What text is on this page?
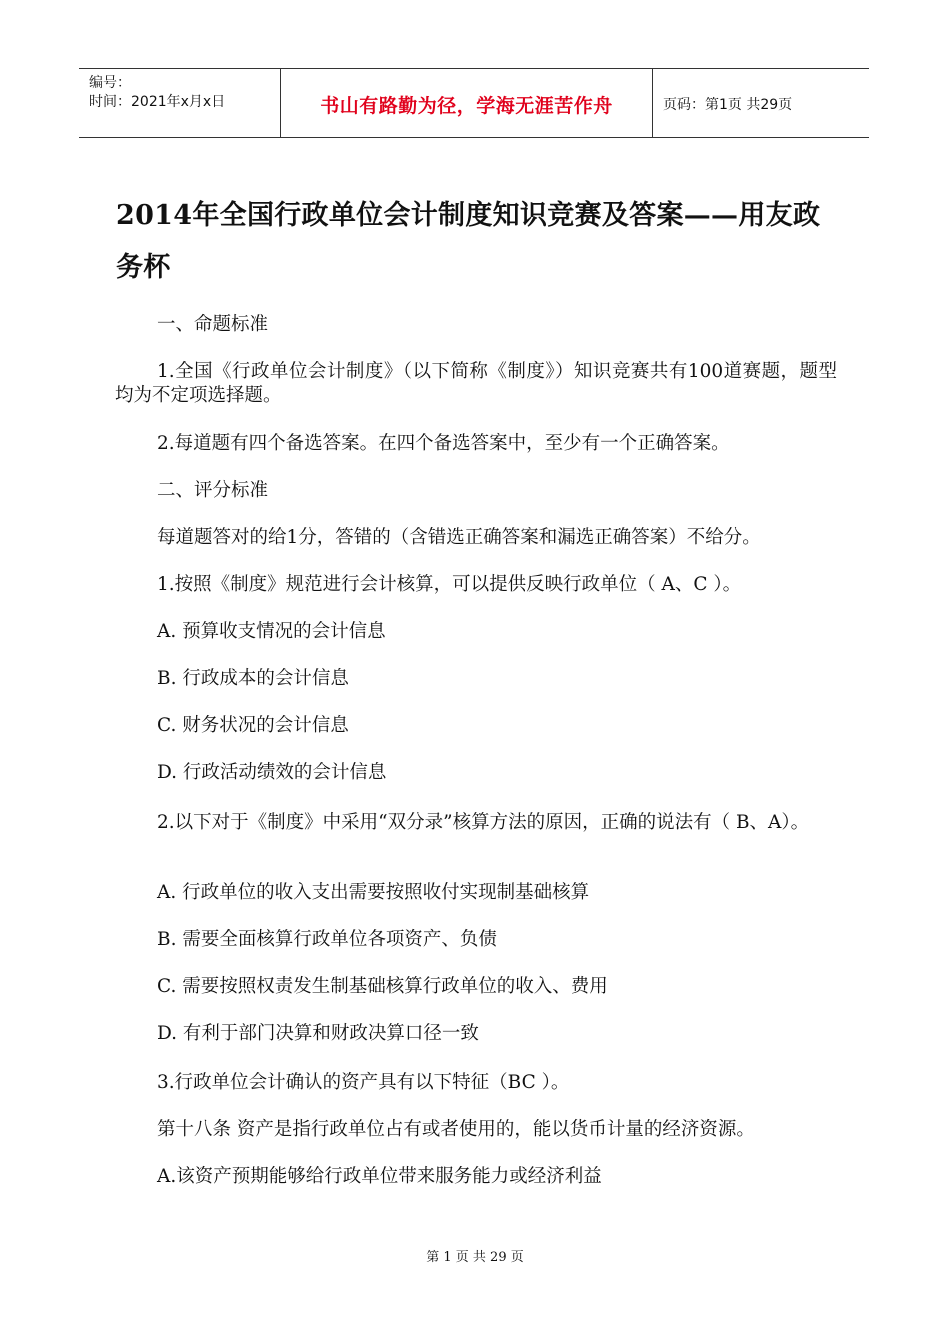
编号：
时间：2021年x月x日	书山有路勤为径，学海无涯苦作舟	页码：第1页 共29页
2014年全国行政单位会计制度知识竞赛及答案——用友政务杯
一、命题标准
1.全国《行政单位会计制度》（以下简称《制度》）知识竞赛共有100道赛题，题型均为不定项选择题。
2.每道题有四个备选答案。在四个备选答案中，至少有一个正确答案。
二、评分标准
每道题答对的给1分，答错的（含错选正确答案和漏选正确答案）不给分。
1.按照《制度》规范进行会计核算，可以提供反映行政单位（ A、C ）。
A. 预算收支情况的会计信息
B. 行政成本的会计信息
C. 财务状况的会计信息
D. 行政活动绩效的会计信息
2.以下对于《制度》中采用“双分录”核算方法的原因，正确的说法有（ B、A）。
A. 行政单位的收入支出需要按照收付实现制基础核算
B. 需要全面核算行政单位各项资产、负债
C. 需要按照权责发生制基础核算行政单位的收入、费用
D. 有利于部门决算和财政决算口径一致
3.行政单位会计确认的资产具有以下特征（BC ）。
第十八条 资产是指行政单位占有或者使用的，能以货币计量的经济资源。
A.该资产预期能够给行政单位带来服务能力或经济利益
第 1 页 共 29 页
